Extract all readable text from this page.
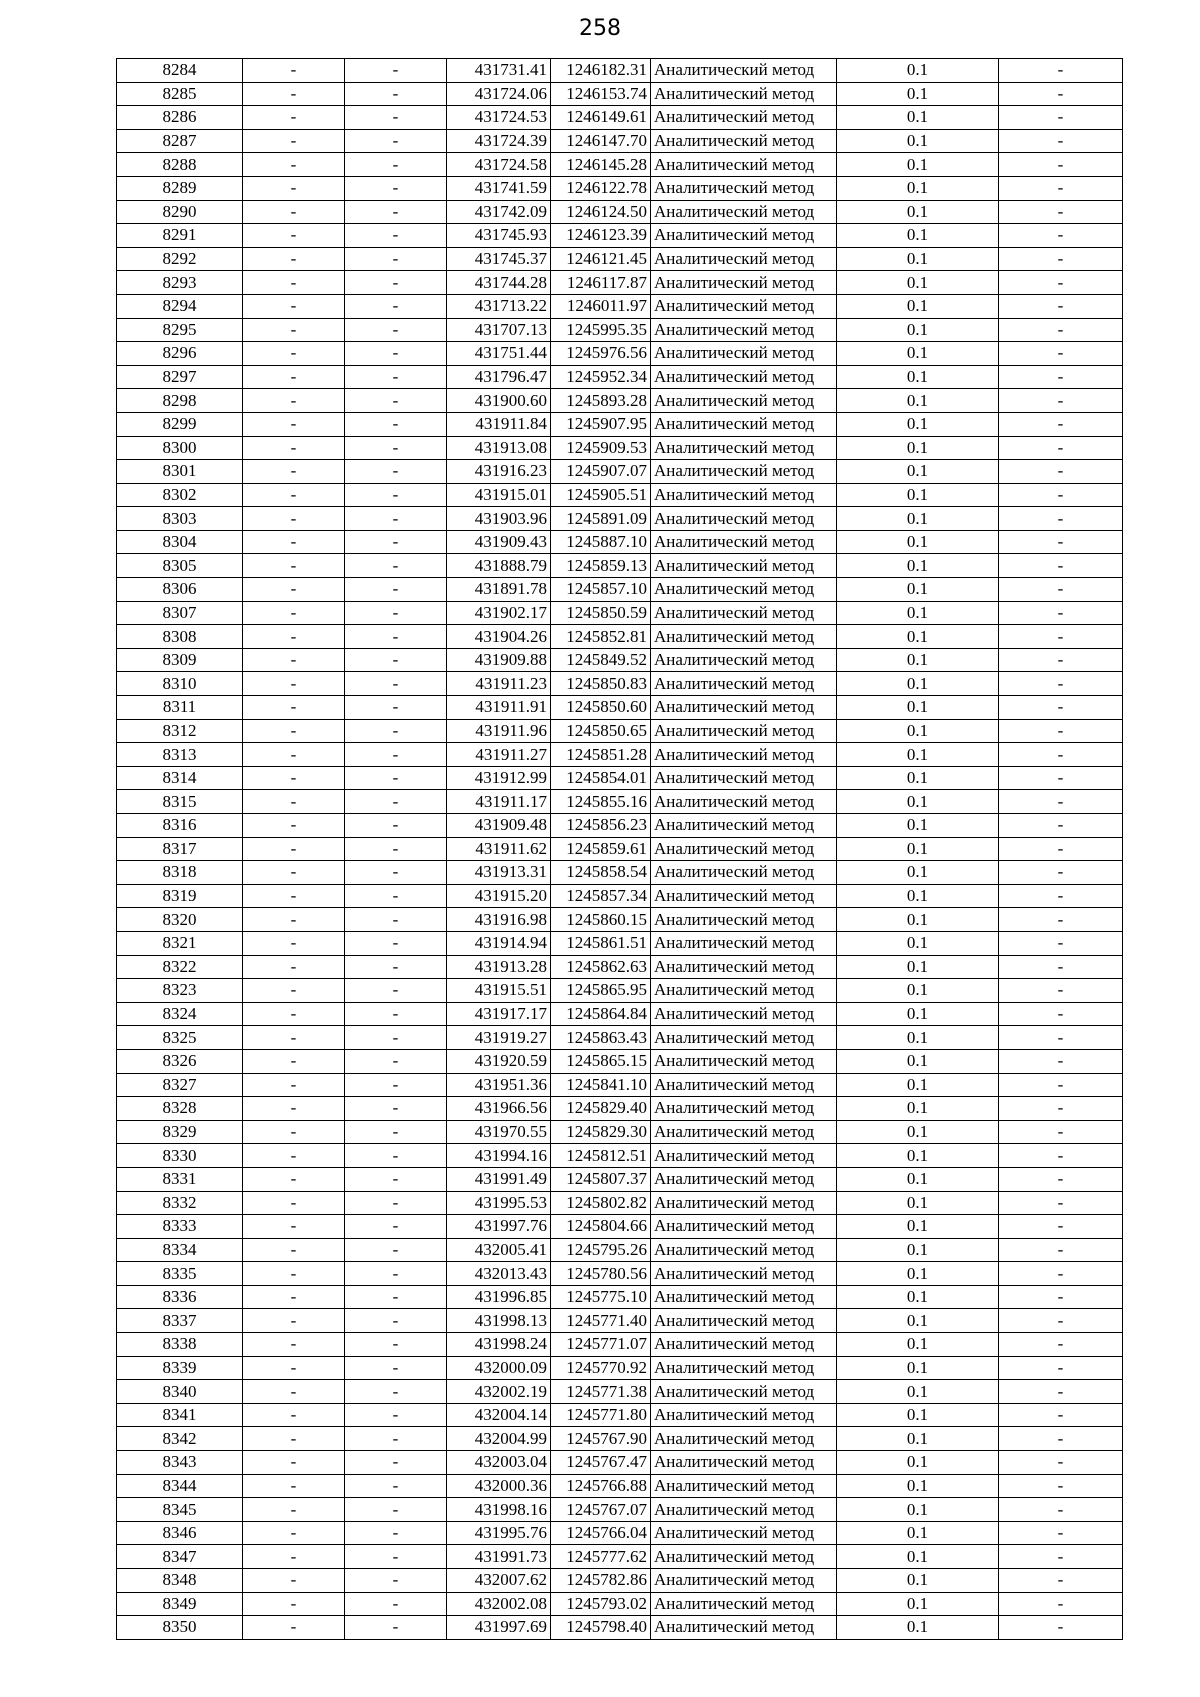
258
8284	-	-	431731.41	1246182.31	Аналитический метод	0.1	-
8285	-	-	431724.06	1246153.74	Аналитический метод	0.1	-
8286	-	-	431724.53	1246149.61	Аналитический метод	0.1	-
8287	-	-	431724.39	1246147.70	Аналитический метод	0.1	-
8288	-	-	431724.58	1246145.28	Аналитический метод	0.1	-
8289	-	-	431741.59	1246122.78	Аналитический метод	0.1	-
8290	-	-	431742.09	1246124.50	Аналитический метод	0.1	-
8291	-	-	431745.93	1246123.39	Аналитический метод	0.1	-
8292	-	-	431745.37	1246121.45	Аналитический метод	0.1	-
8293	-	-	431744.28	1246117.87	Аналитический метод	0.1	-
8294	-	-	431713.22	1246011.97	Аналитический метод	0.1	-
8295	-	-	431707.13	1245995.35	Аналитический метод	0.1	-
8296	-	-	431751.44	1245976.56	Аналитический метод	0.1	-
8297	-	-	431796.47	1245952.34	Аналитический метод	0.1	-
8298	-	-	431900.60	1245893.28	Аналитический метод	0.1	-
8299	-	-	431911.84	1245907.95	Аналитический метод	0.1	-
8300	-	-	431913.08	1245909.53	Аналитический метод	0.1	-
8301	-	-	431916.23	1245907.07	Аналитический метод	0.1	-
8302	-	-	431915.01	1245905.51	Аналитический метод	0.1	-
8303	-	-	431903.96	1245891.09	Аналитический метод	0.1	-
8304	-	-	431909.43	1245887.10	Аналитический метод	0.1	-
8305	-	-	431888.79	1245859.13	Аналитический метод	0.1	-
8306	-	-	431891.78	1245857.10	Аналитический метод	0.1	-
8307	-	-	431902.17	1245850.59	Аналитический метод	0.1	-
8308	-	-	431904.26	1245852.81	Аналитический метод	0.1	-
8309	-	-	431909.88	1245849.52	Аналитический метод	0.1	-
8310	-	-	431911.23	1245850.83	Аналитический метод	0.1	-
8311	-	-	431911.91	1245850.60	Аналитический метод	0.1	-
8312	-	-	431911.96	1245850.65	Аналитический метод	0.1	-
8313	-	-	431911.27	1245851.28	Аналитический метод	0.1	-
8314	-	-	431912.99	1245854.01	Аналитический метод	0.1	-
8315	-	-	431911.17	1245855.16	Аналитический метод	0.1	-
8316	-	-	431909.48	1245856.23	Аналитический метод	0.1	-
8317	-	-	431911.62	1245859.61	Аналитический метод	0.1	-
8318	-	-	431913.31	1245858.54	Аналитический метод	0.1	-
8319	-	-	431915.20	1245857.34	Аналитический метод	0.1	-
8320	-	-	431916.98	1245860.15	Аналитический метод	0.1	-
8321	-	-	431914.94	1245861.51	Аналитический метод	0.1	-
8322	-	-	431913.28	1245862.63	Аналитический метод	0.1	-
8323	-	-	431915.51	1245865.95	Аналитический метод	0.1	-
8324	-	-	431917.17	1245864.84	Аналитический метод	0.1	-
8325	-	-	431919.27	1245863.43	Аналитический метод	0.1	-
8326	-	-	431920.59	1245865.15	Аналитический метод	0.1	-
8327	-	-	431951.36	1245841.10	Аналитический метод	0.1	-
8328	-	-	431966.56	1245829.40	Аналитический метод	0.1	-
8329	-	-	431970.55	1245829.30	Аналитический метод	0.1	-
8330	-	-	431994.16	1245812.51	Аналитический метод	0.1	-
8331	-	-	431991.49	1245807.37	Аналитический метод	0.1	-
8332	-	-	431995.53	1245802.82	Аналитический метод	0.1	-
8333	-	-	431997.76	1245804.66	Аналитический метод	0.1	-
8334	-	-	432005.41	1245795.26	Аналитический метод	0.1	-
8335	-	-	432013.43	1245780.56	Аналитический метод	0.1	-
8336	-	-	431996.85	1245775.10	Аналитический метод	0.1	-
8337	-	-	431998.13	1245771.40	Аналитический метод	0.1	-
8338	-	-	431998.24	1245771.07	Аналитический метод	0.1	-
8339	-	-	432000.09	1245770.92	Аналитический метод	0.1	-
8340	-	-	432002.19	1245771.38	Аналитический метод	0.1	-
8341	-	-	432004.14	1245771.80	Аналитический метод	0.1	-
8342	-	-	432004.99	1245767.90	Аналитический метод	0.1	-
8343	-	-	432003.04	1245767.47	Аналитический метод	0.1	-
8344	-	-	432000.36	1245766.88	Аналитический метод	0.1	-
8345	-	-	431998.16	1245767.07	Аналитический метод	0.1	-
8346	-	-	431995.76	1245766.04	Аналитический метод	0.1	-
8347	-	-	431991.73	1245777.62	Аналитический метод	0.1	-
8348	-	-	432007.62	1245782.86	Аналитический метод	0.1	-
8349	-	-	432002.08	1245793.02	Аналитический метод	0.1	-
8350	-	-	431997.69	1245798.40	Аналитический метод	0.1	-
